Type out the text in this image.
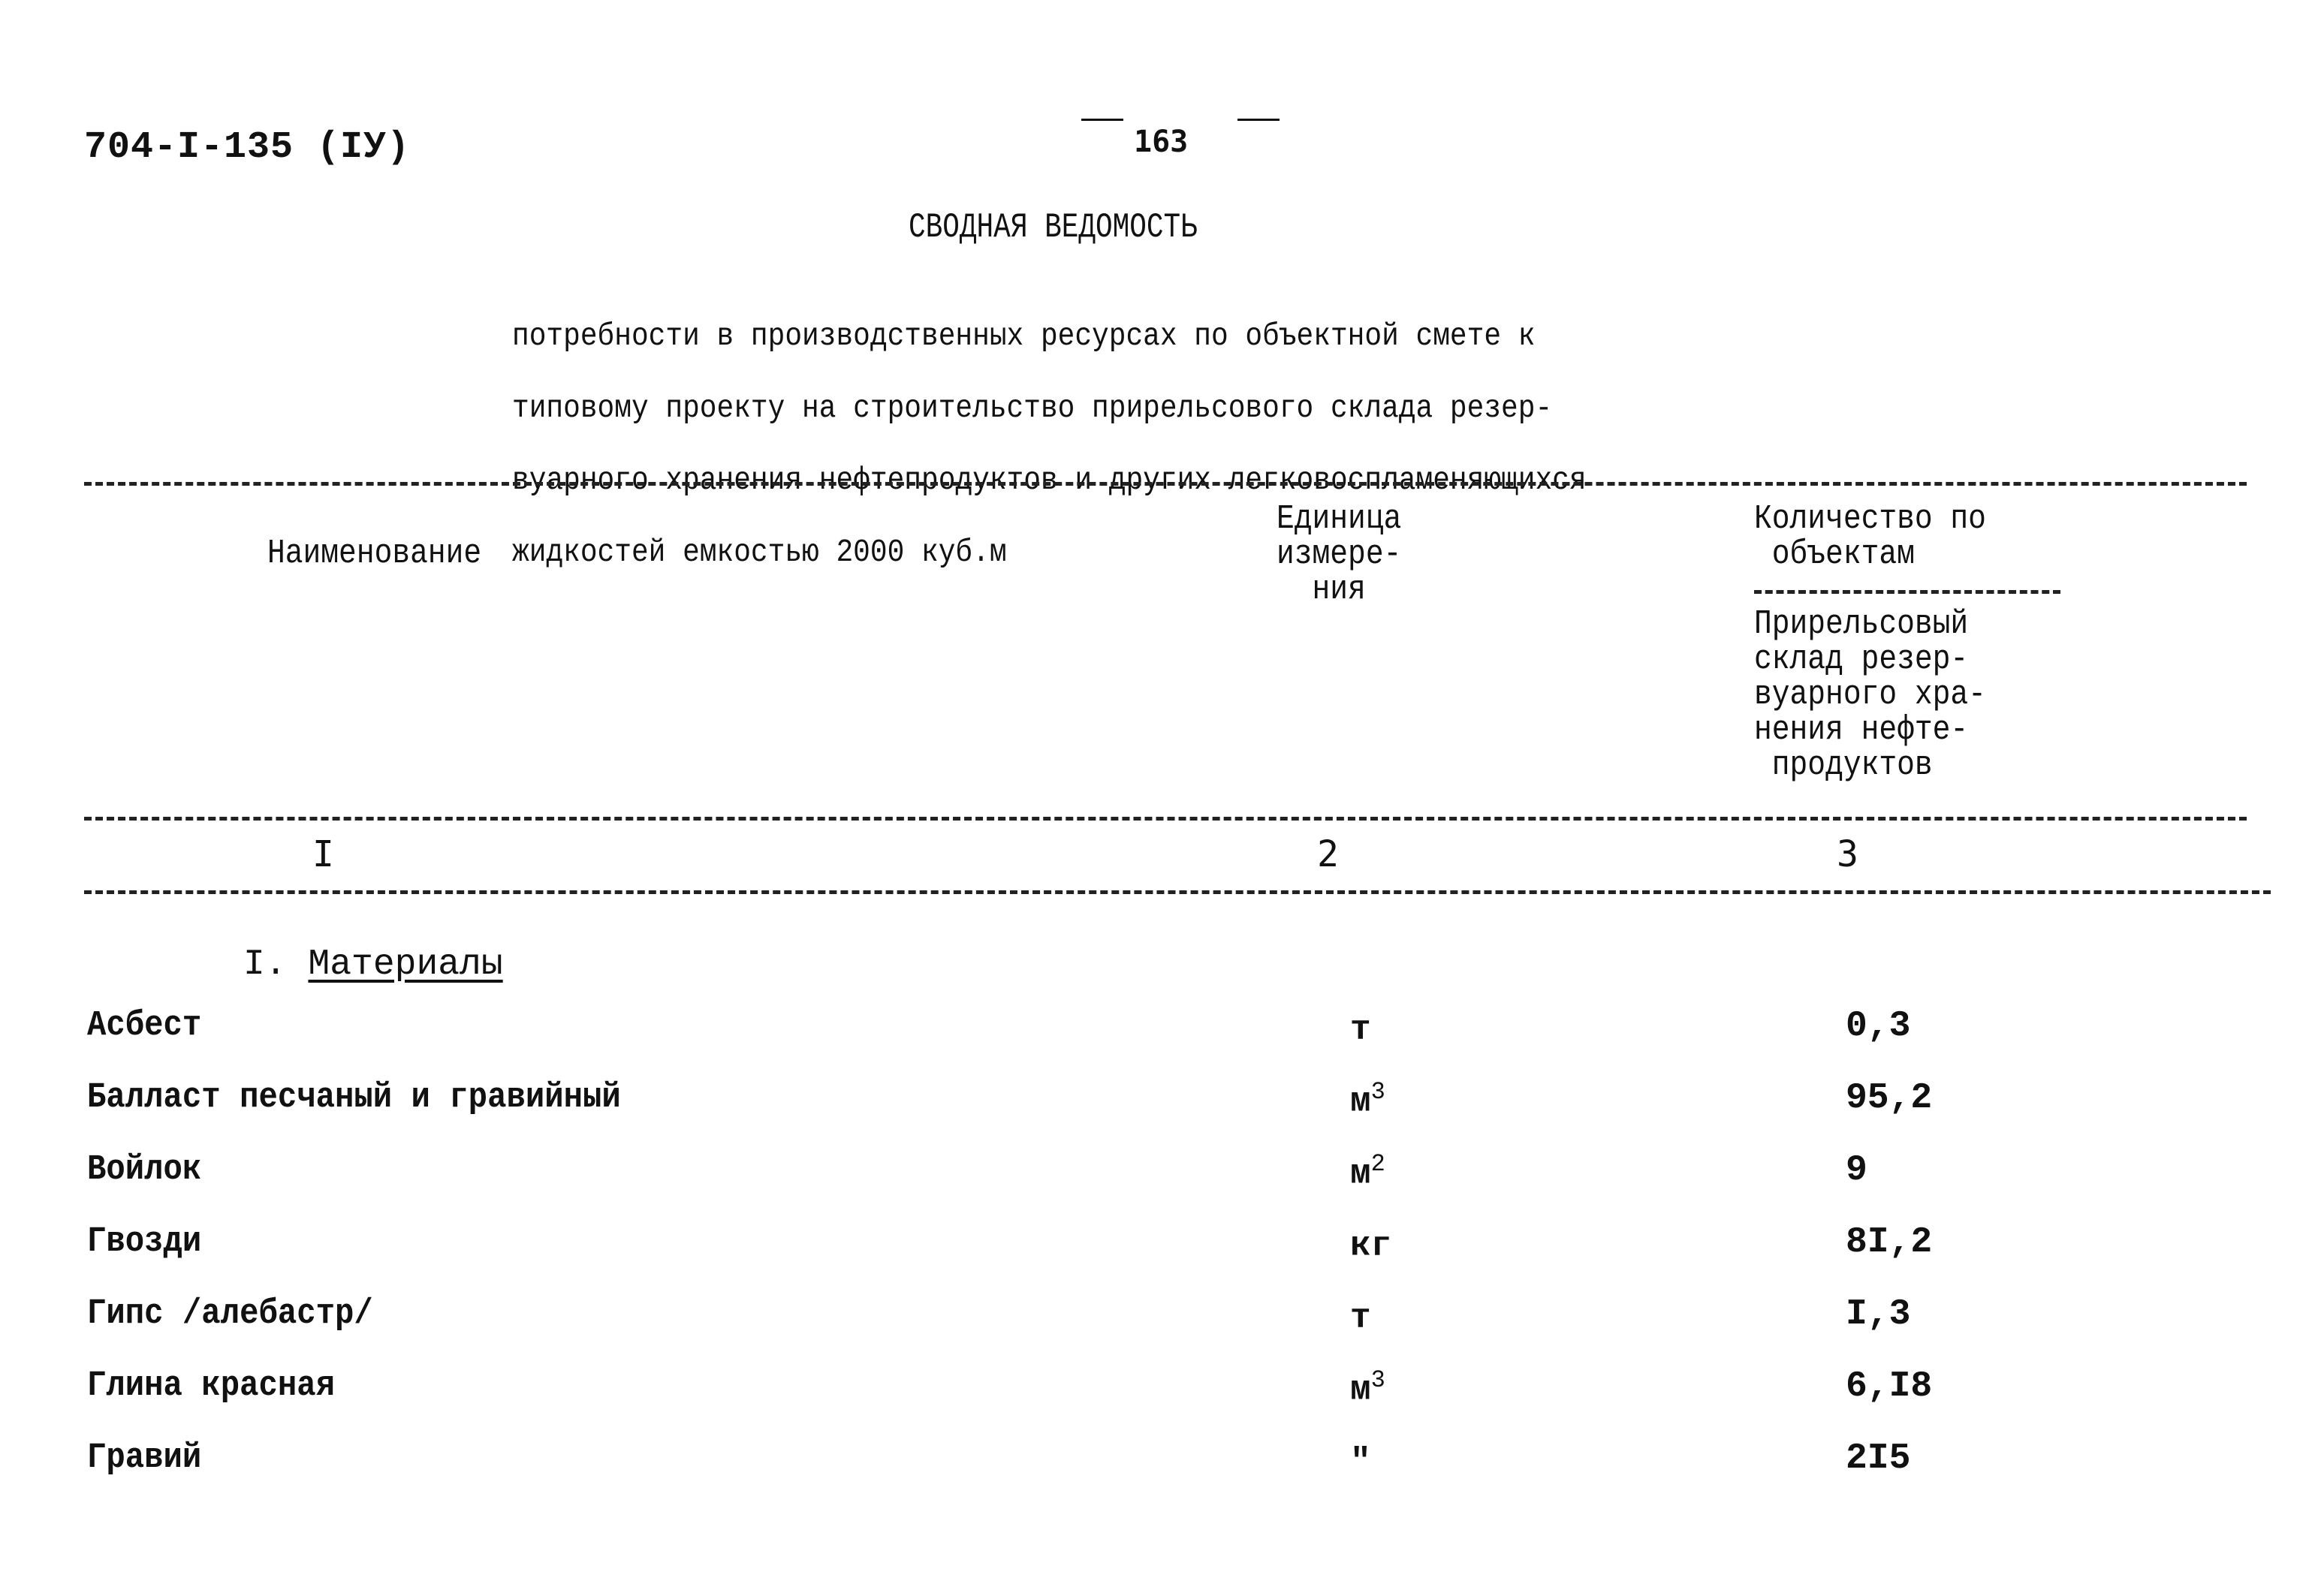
704-I-135 (IУ)	163
СВОДНАЯ ВЕДОМОСТЬ

потребности в производственных ресурсах по объектной смете к

типовому проекту на строительство прирельсового склада резер-

вуарного хранения нефтепродуктов и других легковоспламеняющихся

жидкостей емкостью 2000 куб.м

Наименование
Единица
измере-
ния
Количество по
объектам
Прирельсовый
склад резер-
вуарного хра-
нения нефте-
продуктов
I	2	3
I. Материалы
Асбест	т	0,3
Балласт песчаный и гравийный	$м^3$	95,2
Войлок	$м^2$	9
Гвозди	кг	8I,2
Гипс /алебастр/	т	I,3
Глина красная	$м^3$	6,I8
Гравий	"	2I5
